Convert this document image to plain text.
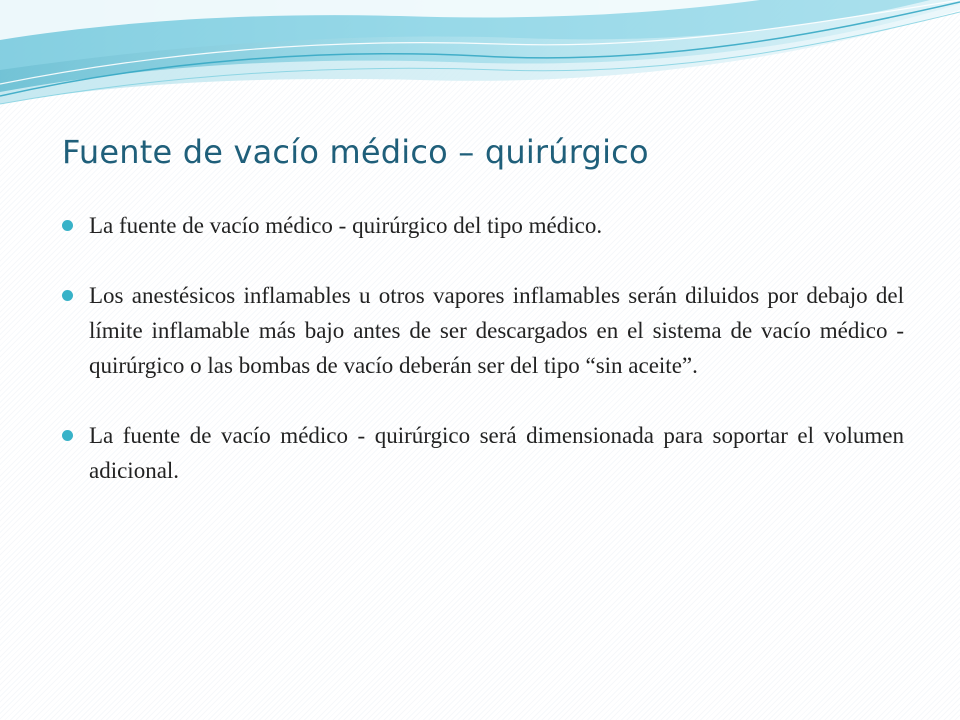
Fuente de vacío médico – quirúrgico
La fuente de vacío médico - quirúrgico del tipo médico.
Los anestésicos inflamables u otros vapores inflamables serán diluidos por debajo del límite inflamable más bajo antes de ser descargados en el sistema de vacío médico - quirúrgico o las bombas de vacío deberán ser del tipo “sin aceite”.
La fuente de vacío médico - quirúrgico será dimensionada para soportar el volumen adicional.
